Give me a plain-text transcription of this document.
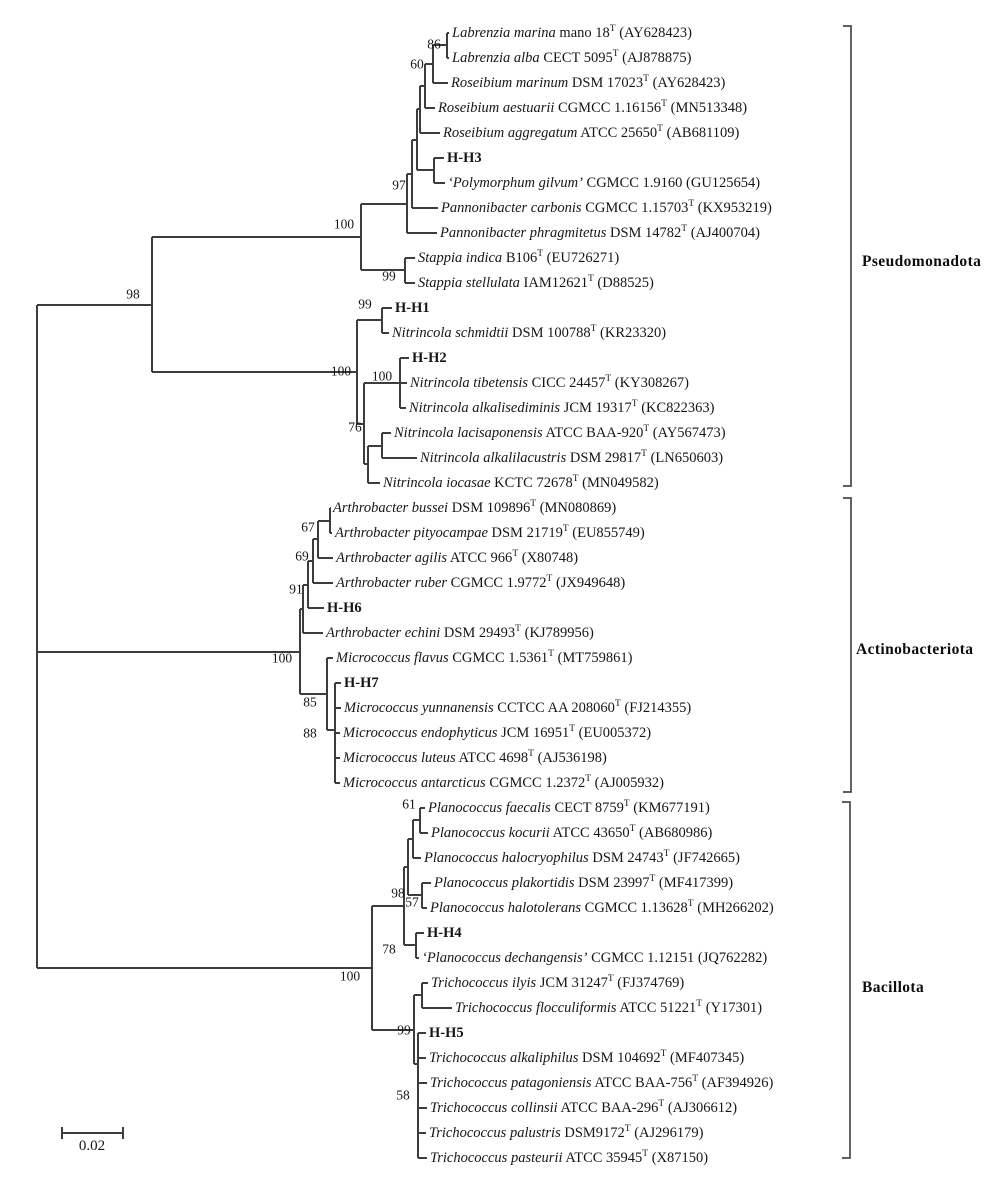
Labrenzia marina mano $18^T$ (AY628423)
Labrenzia alba CECT $5095^T$ (AJ878875)
Roseibium marinum DSM $17023^T$ (AY628423)
Roseibium aestuarii CGMCC $1.16156^T$ (MN513348)
Roseibium aggregatum ATCC $25650^T$ (AB681109)
H-H3
‘Polymorphum gilvum’ CGMCC 1.9160 (GU125654)
Pannonibacter carbonis CGMCC $1.15703^T$ (KX953219)
Pannonibacter phragmitetus DSM $14782^T$ (AJ400704)
Stappia indica $B106^T$ (EU726271)
Stappia stellulata $IAM12621^T$ (D88525)
H-H1
Nitrincola schmidtii DSM $100788^T$ (KR23320)
H-H2
Nitrincola tibetensis CICC $24457^T$ (KY308267)
Nitrincola alkalisediminis JCM $19317^T$ (KC822363)
Nitrincola lacisaponensis ATCC BAA-$920^T$ (AY567473)
Nitrincola alkalilacustris DSM $29817^T$ (LN650603)
Nitrincola iocasae KCTC $72678^T$ (MN049582)
Arthrobacter bussei DSM $109896^T$ (MN080869)
Arthrobacter pityocampae DSM $21719^T$ (EU855749)
Arthrobacter agilis ATCC $966^T$ (X80748)
Arthrobacter ruber CGMCC $1.9772^T$ (JX949648)
H-H6
Arthrobacter echini DSM $29493^T$ (KJ789956)
Micrococcus flavus CGMCC $1.5361^T$ (MT759861)
H-H7
Micrococcus yunnanensis CCTCC AA $208060^T$ (FJ214355)
Micrococcus endophyticus JCM $16951^T$ (EU005372)
Micrococcus luteus ATCC $4698^T$ (AJ536198)
Micrococcus antarcticus CGMCC $1.2372^T$ (AJ005932)
Planococcus faecalis CECT $8759^T$ (KM677191)
Planococcus kocurii ATCC $43650^T$ (AB680986)
Planococcus halocryophilus DSM $24743^T$ (JF742665)
Planococcus plakortidis DSM $23997^T$ (MF417399)
Planococcus halotolerans CGMCC $1.13628^T$ (MH266202)
H-H4
‘Planococcus dechangensis’ CGMCC 1.12151 (JQ762282)
Trichococcus ilyis JCM $31247^T$ (FJ374769)
Trichococcus flocculiformis ATCC $51221^T$ (Y17301)
H-H5
Trichococcus alkaliphilus DSM $104692^T$ (MF407345)
Trichococcus patagoniensis ATCC BAA-$756^T$ (AF394926)
Trichococcus collinsii ATCC BAA-$296^T$ (AJ306612)
Trichococcus palustris $DSM9172^T$ (AJ296179)
Trichococcus pasteurii ATCC $35945^T$ (X87150)
86
60
97
100
99
98
99
100 100
76
67
69
91
100
85
88
61
98
57
78
100
99
58
Pseudomonadota
Actinobacteriota
Bacillota
0.02
